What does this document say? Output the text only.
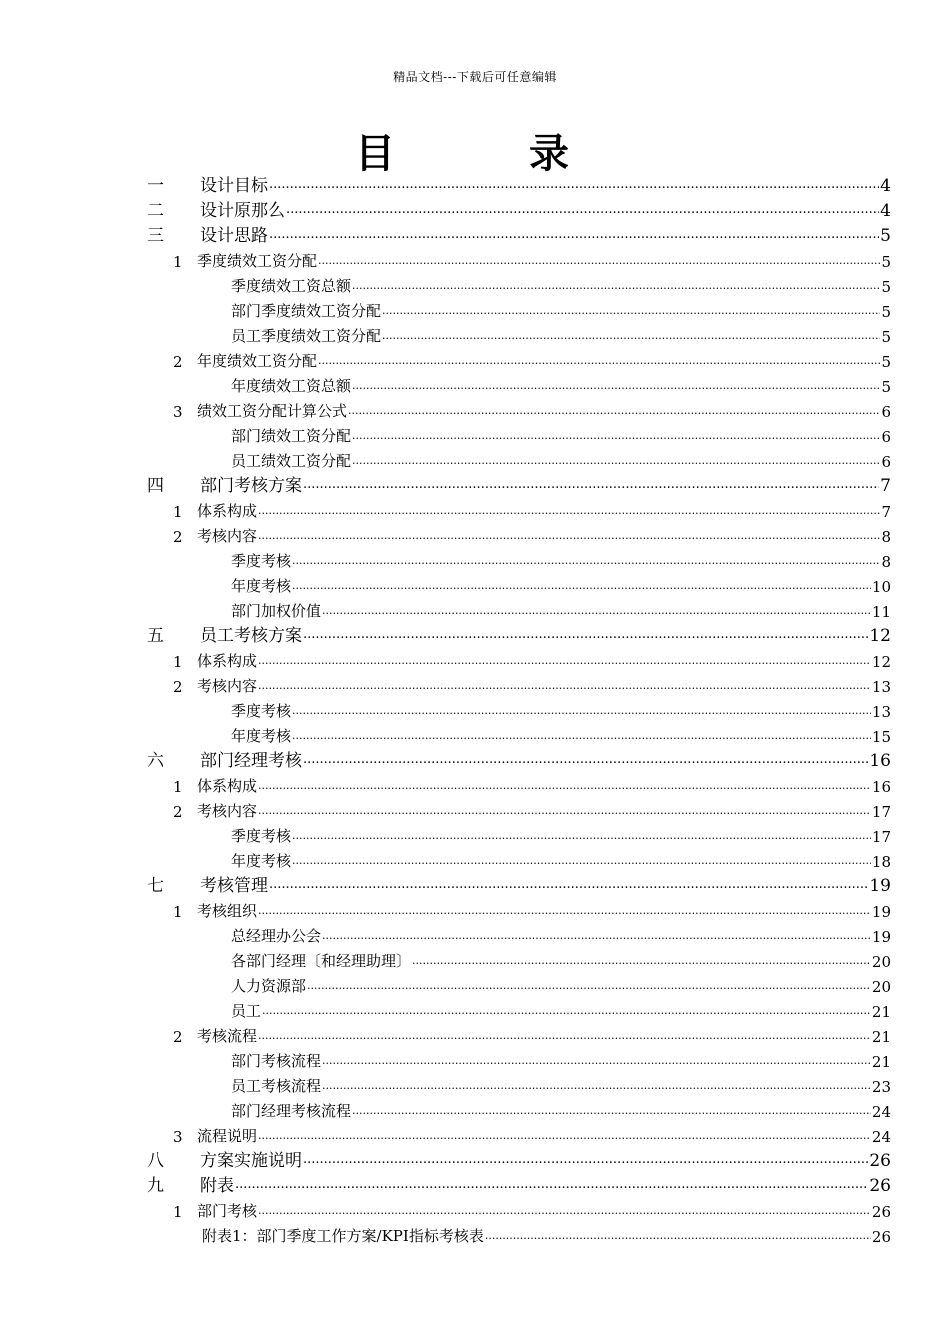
精品文档---下载后可任意编辑
目 录
一	设计目标 .....	4
二	设计原那么 .....	4
三	设计思路 .....	5
1 季度绩效工资分配 .....	5
季度绩效工资总额 .....	5
部门季度绩效工资分配 .....	5
员工季度绩效工资分配 .....	5
2 年度绩效工资分配 .....	5
年度绩效工资总额 .....	5
3 绩效工资分配计算公式 .....	6
部门绩效工资分配 .....	6
员工绩效工资分配 .....	6
四	部门考核方案 .....	7
1 体系构成 .....	7
2 考核内容 .....	8
季度考核 .....	8
年度考核 .....	10
部门加权价值 .....	11
五	员工考核方案 .....	12
1 体系构成 .....	12
2 考核内容 .....	13
季度考核 .....	13
年度考核 .....	15
六	部门经理考核 .....	16
1 体系构成 .....	16
2 考核内容 .....	17
季度考核 .....	17
年度考核 .....	18
七	考核管理 .....	19
1 考核组织 .....	19
总经理办公会 .....	19
各部门经理〔和经理助理〕 .....	20
人力资源部 .....	20
员工 .....	21
2 考核流程 .....	21
部门考核流程 .....	21
员工考核流程 .....	23
部门经理考核流程 .....	24
3 流程说明 .....	24
八	方案实施说明 .....	26
九	附表 .....	26
1 部门考核 .....	26
附表1：部门季度工作方案/KPI指标考核表 .....	26
